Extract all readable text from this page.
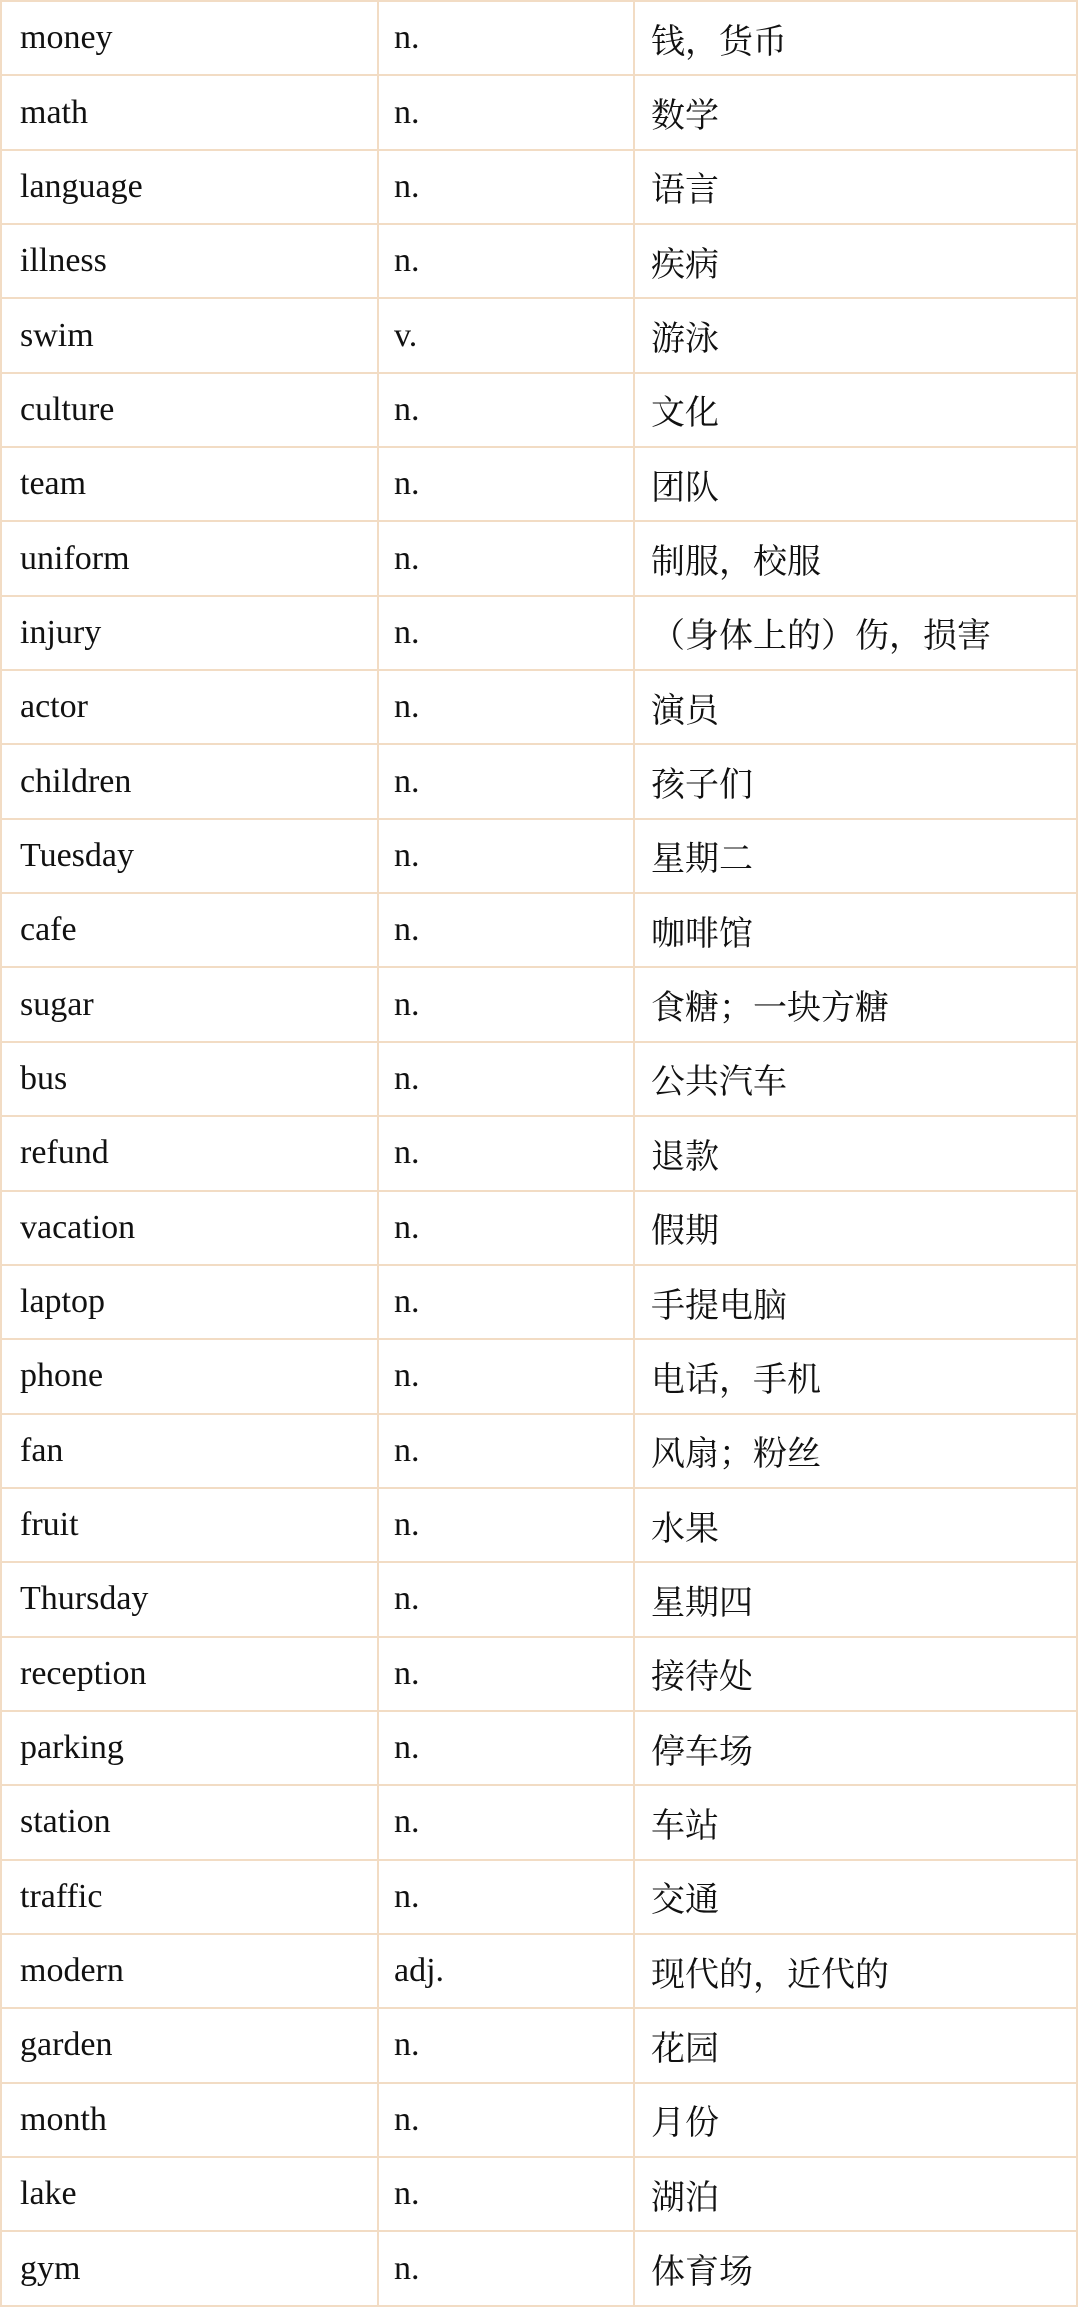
money	n.	钱，货币
math	n.	数学
language	n.	语言
illness	n.	疾病
swim	v.	游泳
culture	n.	文化
team	n.	团队
uniform	n.	制服，校服
injury	n.	（身体上的）伤，损害
actor	n.	演员
children	n.	孩子们
Tuesday	n.	星期二
cafe	n.	咖啡馆
sugar	n.	食糖；一块方糖
bus	n.	公共汽车
refund	n.	退款
vacation	n.	假期
laptop	n.	手提电脑
phone	n.	电话，手机
fan	n.	风扇；粉丝
fruit	n.	水果
Thursday	n.	星期四
reception	n.	接待处
parking	n.	停车场
station	n.	车站
traffic	n.	交通
modern	adj.	现代的，近代的
garden	n.	花园
month	n.	月份
lake	n.	湖泊
gym	n.	体育场
